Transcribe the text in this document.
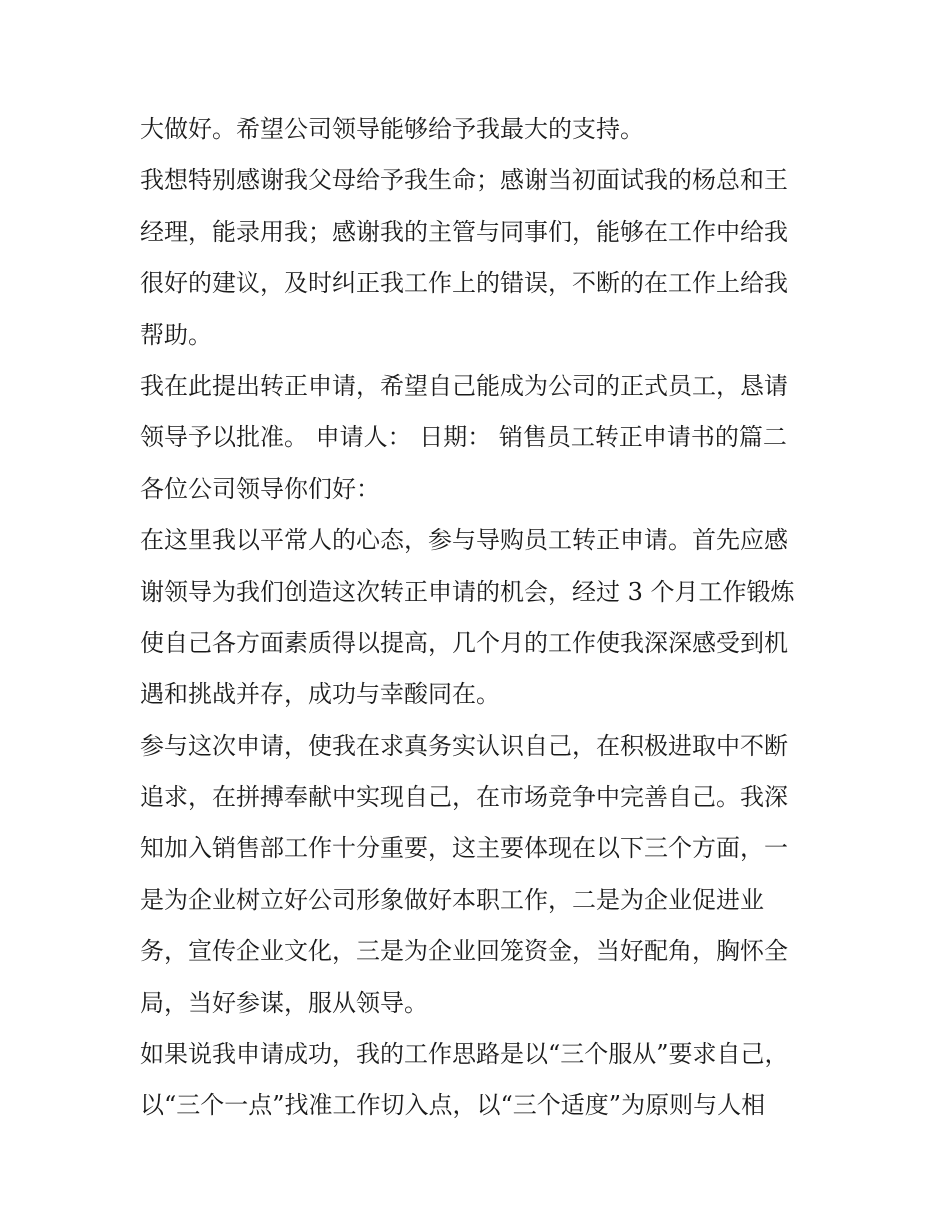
大做好。希望公司领导能够给予我最大的支持。
我想特别感谢我父母给予我生命；感谢当初面试我的杨总和王
经理，能录用我；感谢我的主管与同事们，能够在工作中给我
很好的建议，及时纠正我工作上的错误，不断的在工作上给我
帮助。
我在此提出转正申请，希望自己能成为公司的正式员工，恳请
领导予以批准。 申请人： 日期： 销售员工转正申请书的篇二
各位公司领导你们好：
在这里我以平常人的心态，参与导购员工转正申请。首先应感
谢领导为我们创造这次转正申请的机会，经过 3 个月工作锻炼
使自己各方面素质得以提高，几个月的工作使我深深感受到机
遇和挑战并存，成功与幸酸同在。
参与这次申请，使我在求真务实认识自己，在积极进取中不断
追求，在拼搏奉献中实现自己，在市场竞争中完善自己。我深
知加入销售部工作十分重要，这主要体现在以下三个方面，一
是为企业树立好公司形象做好本职工作，二是为企业促进业
务，宣传企业文化，三是为企业回笼资金，当好配角，胸怀全
局，当好参谋，服从领导。
如果说我申请成功，我的工作思路是以“三个服从”要求自己，
以“三个一点”找准工作切入点，以“三个适度”为原则与人相
